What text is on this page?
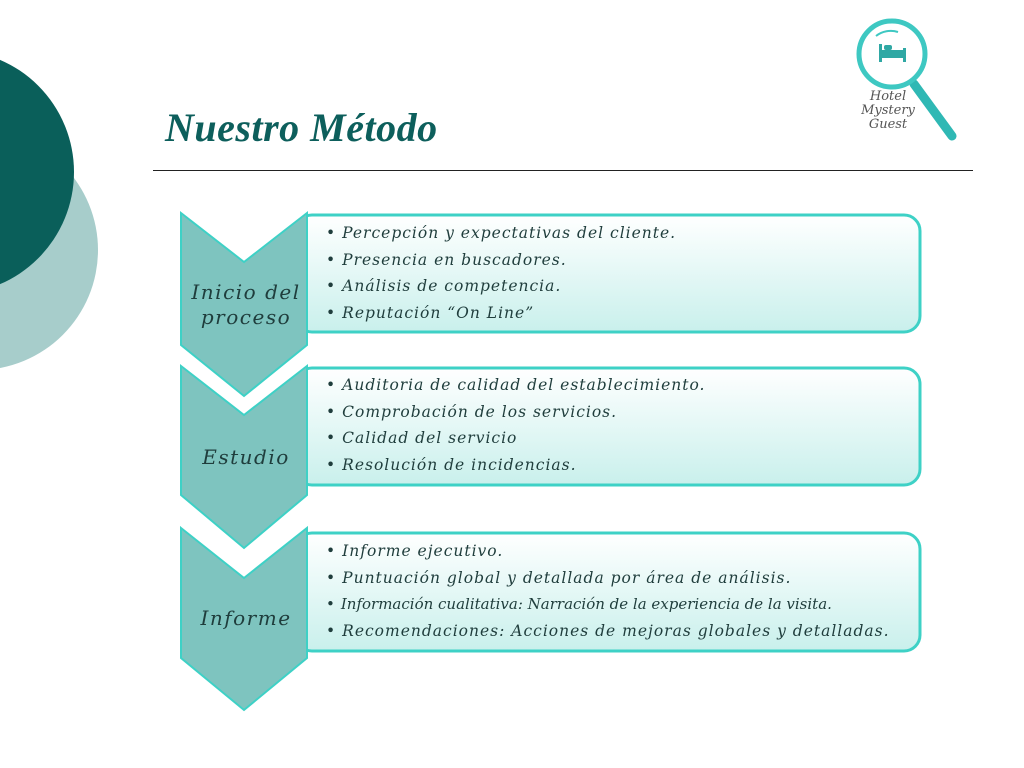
Nuestro Método
Hotel
Mystery
Guest
Inicio del
proceso
Estudio
Informe
• Percepción y expectativas del cliente.
• Presencia en buscadores.
• Análisis de competencia.
• Reputación “On Line”
• Auditoria de calidad del establecimiento.
• Comprobación de los servicios.
• Calidad del servicio
• Resolución de incidencias.
• Informe ejecutivo.
• Puntuación global y detallada por área de análisis.
• Información cualitativa: Narración de la experiencia de la visita.
• Recomendaciones: Acciones de mejoras globales y detalladas.
